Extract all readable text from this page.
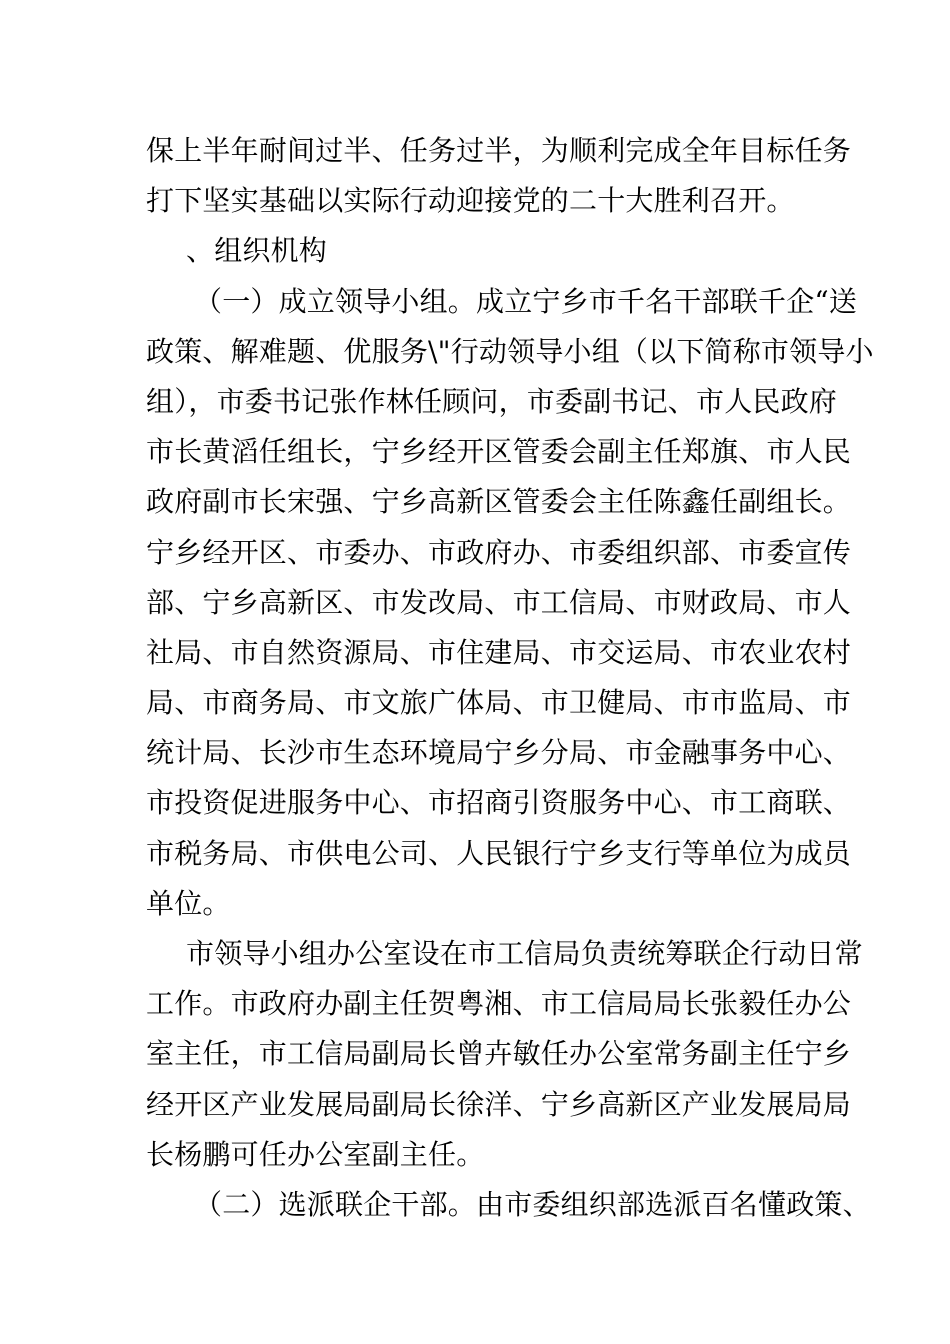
保上半年耐间过半、任务过半，为顺利完成全年目标任务
打下坚实基础以实际行动迎接党的二十大胜利召开。
、组织机构
（一）成立领导小组。成立宁乡市千名干部联千企“送
政策、解难题、优服务\"行动领导小组（以下简称市领导小
组），市委书记张作林任顾问，市委副书记、市人民政府
市长黄滔任组长，宁乡经开区管委会副主任郑旗、市人民
政府副市长宋强、宁乡高新区管委会主任陈鑫任副组长。
宁乡经开区、市委办、市政府办、市委组织部、市委宣传
部、宁乡高新区、市发改局、市工信局、市财政局、市人
社局、市自然资源局、市住建局、市交运局、市农业农村
局、市商务局、市文旅广体局、市卫健局、市市监局、市
统计局、长沙市生态环境局宁乡分局、市金融事务中心、
市投资促进服务中心、市招商引资服务中心、市工商联、
市税务局、市供电公司、人民银行宁乡支行等单位为成员
单位。
市领导小组办公室设在市工信局负责统筹联企行动日常
工作。市政府办副主任贺粤湘、市工信局局长张毅任办公
室主任，市工信局副局长曾卉敏任办公室常务副主任宁乡
经开区产业发展局副局长徐洋、宁乡高新区产业发展局局
长杨鹏可任办公室副主任。
（二）选派联企干部。由市委组织部选派百名懂政策、
